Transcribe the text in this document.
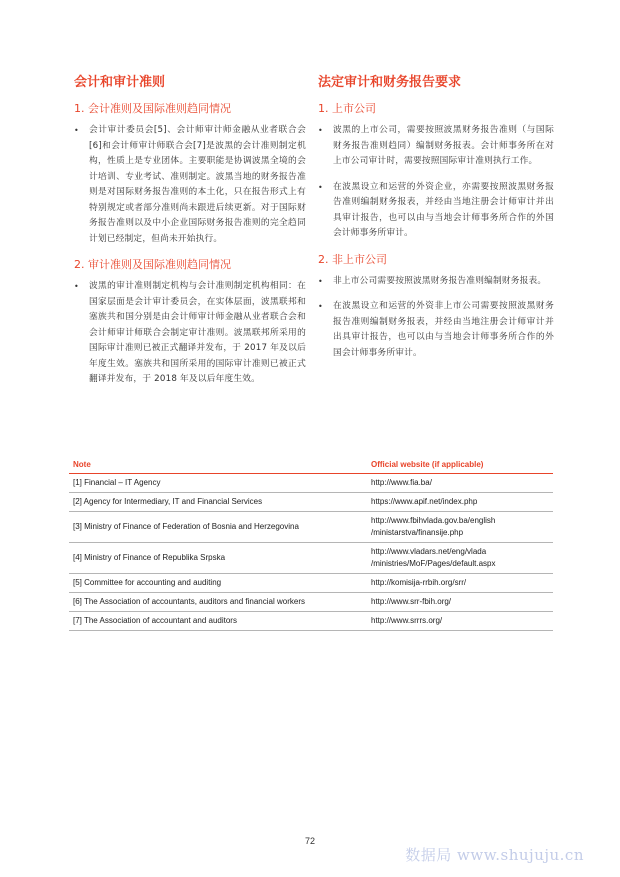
会计和审计准则
1. 会计准则及国际准则趋同情况
• 会计审计委员会[5]、会计师审计师金融从业者联合会[6]和会计师审计师联合会[7]是波黑的会计准则制定机构，性质上是专业团体。主要职能是协调波黑全境的会计培训、专业考试、准则制定。波黑当地的财务报告准则是对国际财务报告准则的本土化，只在报告形式上有特别规定或者部分准则尚未跟进后续更新。对于国际财务报告准则以及中小企业国际财务报告准则的完全趋同计划已经制定，但尚未开始执行。
2. 审计准则及国际准则趋同情况
• 波黑的审计准则制定机构与会计准则制定机构相同：在国家层面是会计审计委员会，在实体层面，波黑联邦和塞族共和国分别是由会计师审计师金融从业者联合会和会计师审计师联合会制定审计准则。波黑联邦所采用的国际审计准则已被正式翻译并发布，于 2017 年及以后年度生效。塞族共和国所采用的国际审计准则已被正式翻译并发布，于 2018 年及以后年度生效。
法定审计和财务报告要求
1. 上市公司
• 波黑的上市公司，需要按照波黑财务报告准则（与国际财务报告准则趋同）编制财务报表。会计师事务所在对上市公司审计时，需要按照国际审计准则执行工作。
• 在波黑设立和运营的外资企业，亦需要按照波黑财务报告准则编制财务报表，并经由当地注册会计师审计并出具审计报告，也可以由与当地会计师事务所合作的外国会计师事务所审计。
2. 非上市公司
• 非上市公司需要按照波黑财务报告准则编制财务报表。
• 在波黑设立和运营的外资非上市公司需要按照波黑财务报告准则编制财务报表，并经由当地注册会计师审计并出具审计报告，也可以由与当地会计师事务所合作的外国会计师事务所审计。
Note	Official website (if applicable)
[1] Financial – IT Agency	http://www.fia.ba/
[2] Agency for Intermediary, IT and Financial Services	https://www.apif.net/index.php
[3] Ministry of Finance of Federation of Bosnia and Herzegovina	http://www.fbihvlada.gov.ba/english
/ministarstva/finansije.php
[4] Ministry of Finance of Republika Srpska	http://www.vladars.net/eng/vlada
/ministries/MoF/Pages/default.aspx
[5] Committee for accounting and auditing	http://komisija-rrbih.org/srr/
[6] The Association of accountants, auditors and financial workers	http://www.srr-fbih.org/
[7] The Association of accountant and auditors	http://www.srrrs.org/
72
数据局 www.shujuju.cn
